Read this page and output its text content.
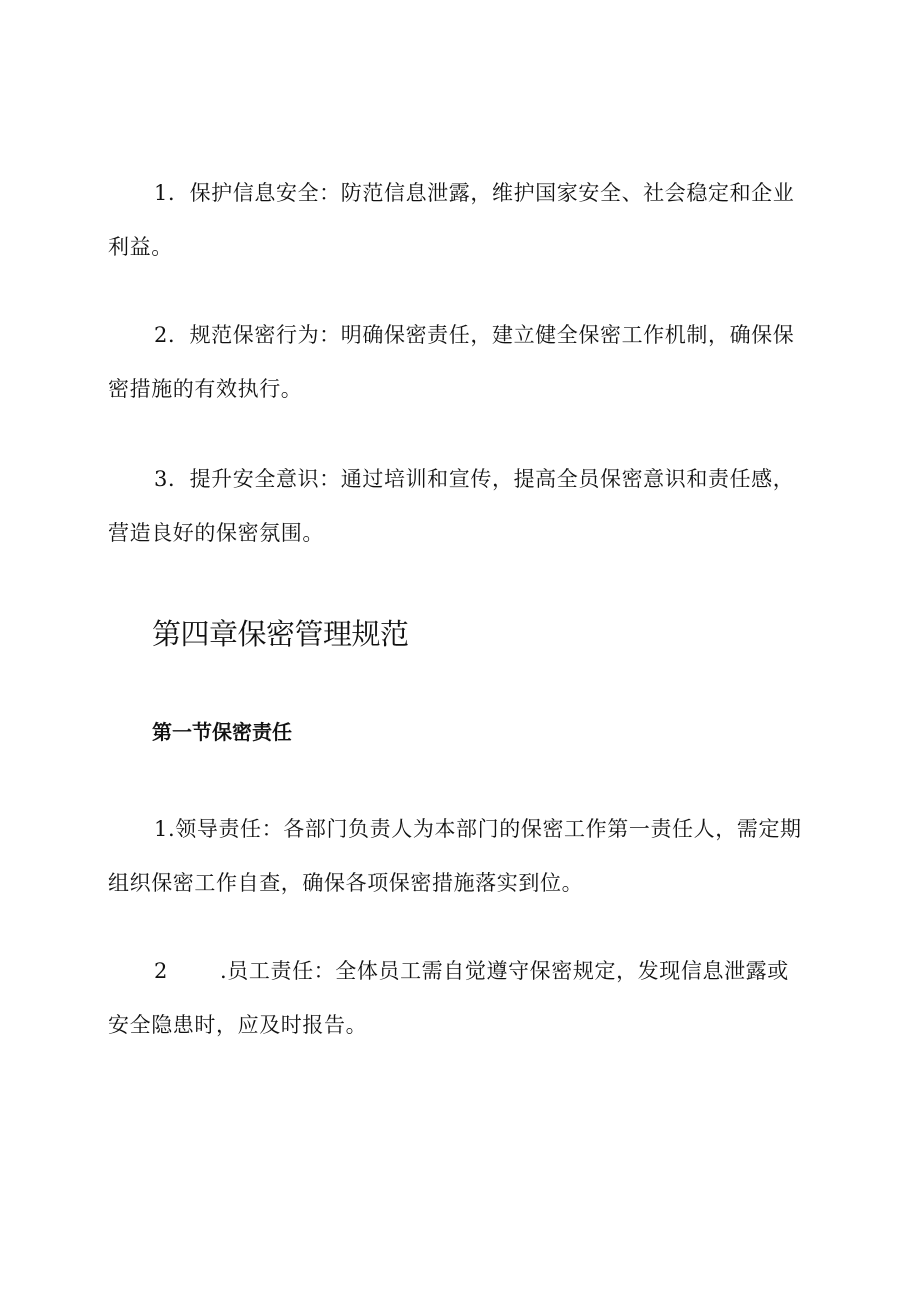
1．保护信息安全：防范信息泄露，维护国家安全、社会稳定和企业利益。

2．规范保密行为：明确保密责任，建立健全保密工作机制，确保保密措施的有效执行。

3．提升安全意识：通过培训和宣传，提高全员保密意识和责任感，营造良好的保密氛围。

第四章保密管理规范
第一节保密责任

1.领导责任：各部门负责人为本部门的保密工作第一责任人，需定期组织保密工作自查，确保各项保密措施落实到位。

2 .员工责任：全体员工需自觉遵守保密规定，发现信息泄露或安全隐患时，应及时报告。
